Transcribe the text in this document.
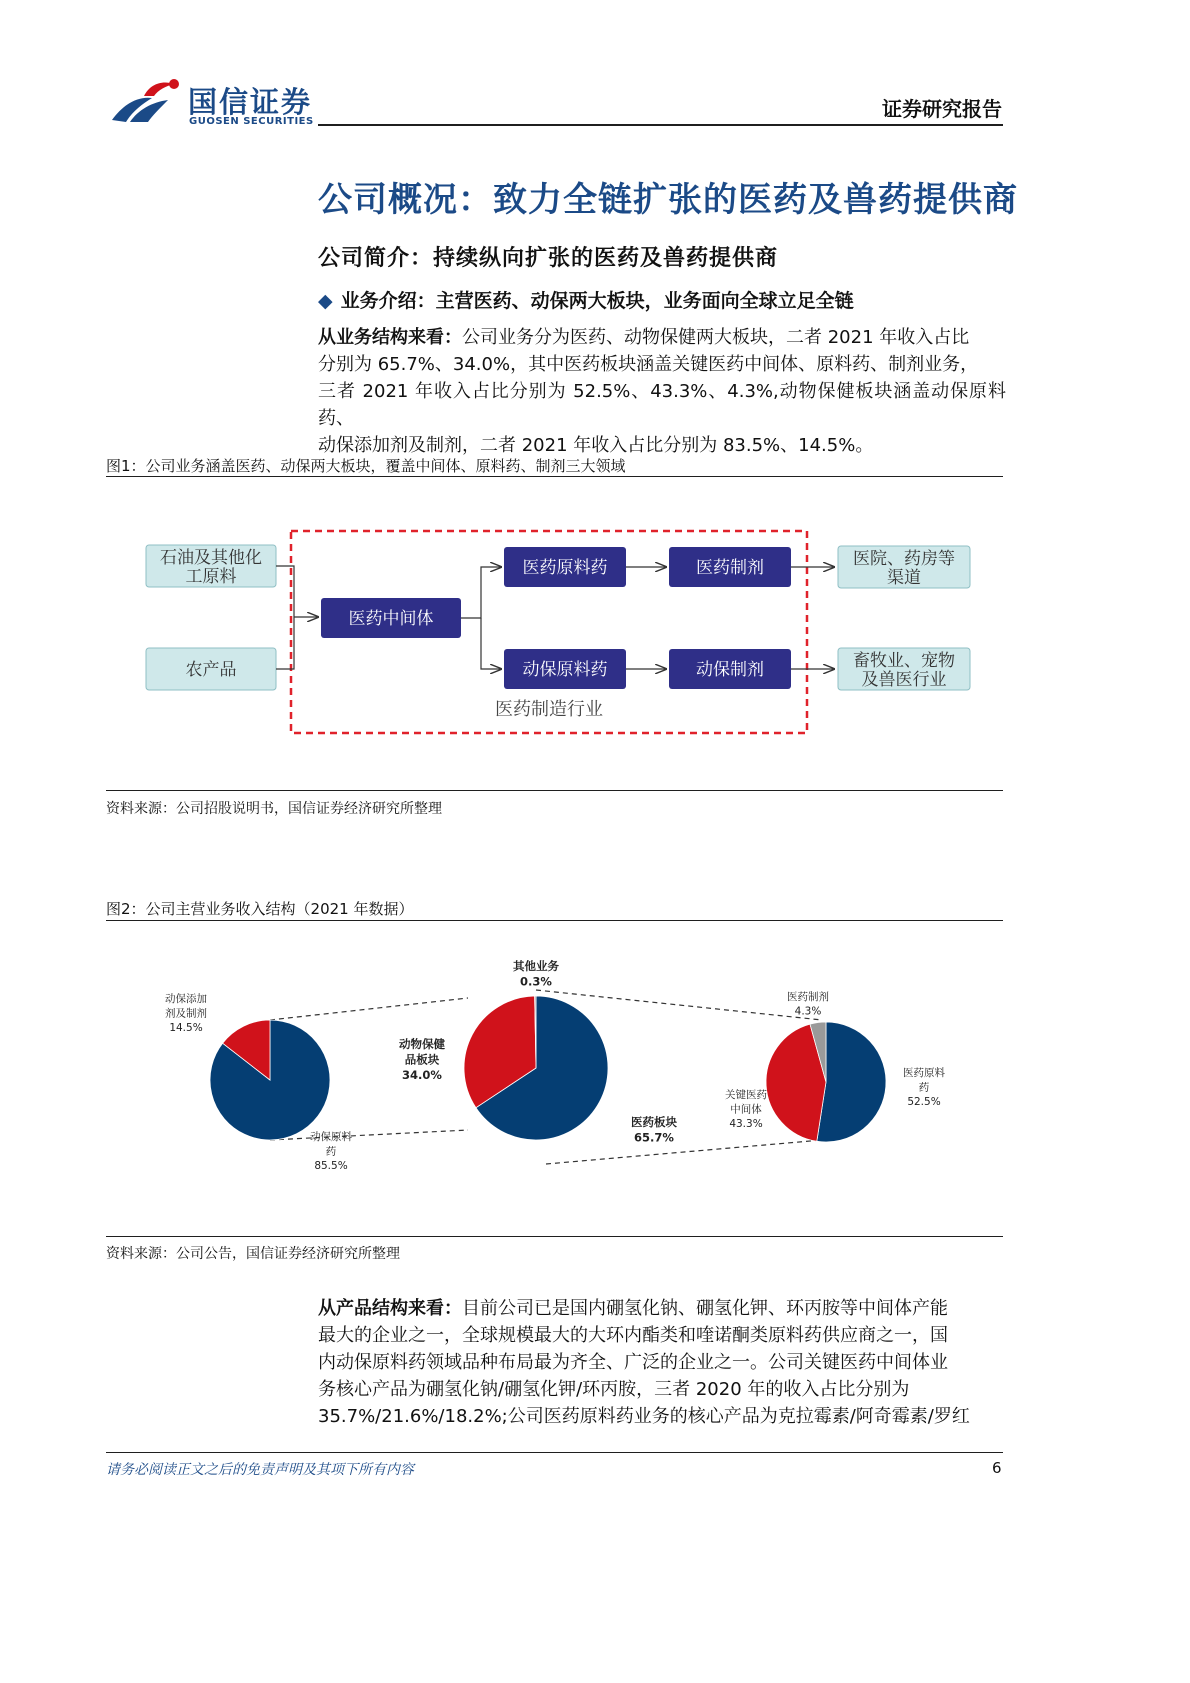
国信证券
GUOSEN SECURITIES
证券研究报告
公司概况：致力全链扩张的医药及兽药提供商
公司简介：持续纵向扩张的医药及兽药提供商
◆ 业务介绍：主营医药、动保两大板块，业务面向全球立足全链
从业务结构来看：公司业务分为医药、动物保健两大板块，二者 2021 年收入占比
分别为 65.7%、34.0%，其中医药板块涵盖关键医药中间体、原料药、制剂业务，
三者 2021 年收入占比分别为 52.5%、43.3%、4.3%,动物保健板块涵盖动保原料药、
动保添加剂及制剂，二者 2021 年收入占比分别为 83.5%、14.5%。
图1：公司业务涵盖医药、动保两大板块，覆盖中间体、原料药、制剂三大领域
医药制造行业
石油及其他化
工原料
农产品
医药中间体
医药原料药	医药制剂
动保原料药	动保制剂
医院、药房等
渠道
畜牧业、宠物
及兽医行业
资料来源：公司招股说明书，国信证券经济研究所整理
图2：公司主营业务收入结构（2021 年数据）
动保原料药 85.5%
动保添加剂及制剂 14.5%
医药板块 65.7%
动物保健品板块 34.0%
其他业务 0.3%
医药原料药 52.5%
关键医药中间体 43.3%
医药制剂 4.3%
资料来源：公司公告，国信证券经济研究所整理
从产品结构来看：目前公司已是国内硼氢化钠、硼氢化钾、环丙胺等中间体产能
最大的企业之一，全球规模最大的大环内酯类和喹诺酮类原料药供应商之一，国
内动保原料药领域品种布局最为齐全、广泛的企业之一。公司关键医药中间体业
务核心产品为硼氢化钠/硼氢化钾/环丙胺，三者 2020 年的收入占比分别为
35.7%/21.6%/18.2%;公司医药原料药业务的核心产品为克拉霉素/阿奇霉素/罗红
请务必阅读正文之后的免责声明及其项下所有内容	6
